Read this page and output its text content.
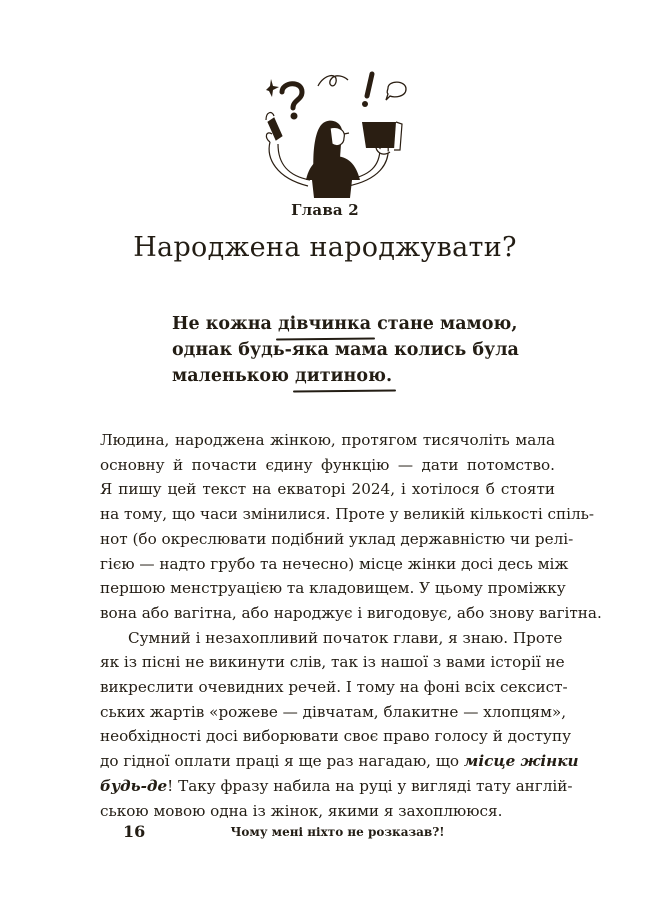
Глава 2
Народжена народжувати?
Не кожна дівчинка стане мамою,
однак будь-яка мама колись була
маленькою дитиною.

Людина, народжена жінкою, протягом тисячоліть мала
основну й почасти єдину функцію — дати потомство.
Я пишу цей текст на екваторі 2024, і хотілося б стояти
на тому, що часи змінилися. Проте у великій кількості спіль-
нот (бо окреслювати подібний уклад державністю чи релі-
гією — надто грубо та нечесно) місце жінки досі десь між
першою менструацією та кладовищем. У цьому проміжку
вона або вагітна, або народжує і вигодовує, або знову вагітна.

Сумний і незахопливий початок глави, я знаю. Проте
як із пісні не викинути слів, так із нашої з вами історії не
викреслити очевидних речей. І тому на фоні всіх сексист-
ських жартів «рожеве — дівчатам, блакитне — хлопцям»,
необхідності досі виборювати своє право голосу й доступу
до гідної оплати праці я ще раз нагадаю, що місце жінки
будь-де! Таку фразу набила на руці у вигляді тату англій-
ською мовою одна із жінок, якими я захоплююся.

16	Чому мені ніхто не розказав?!
